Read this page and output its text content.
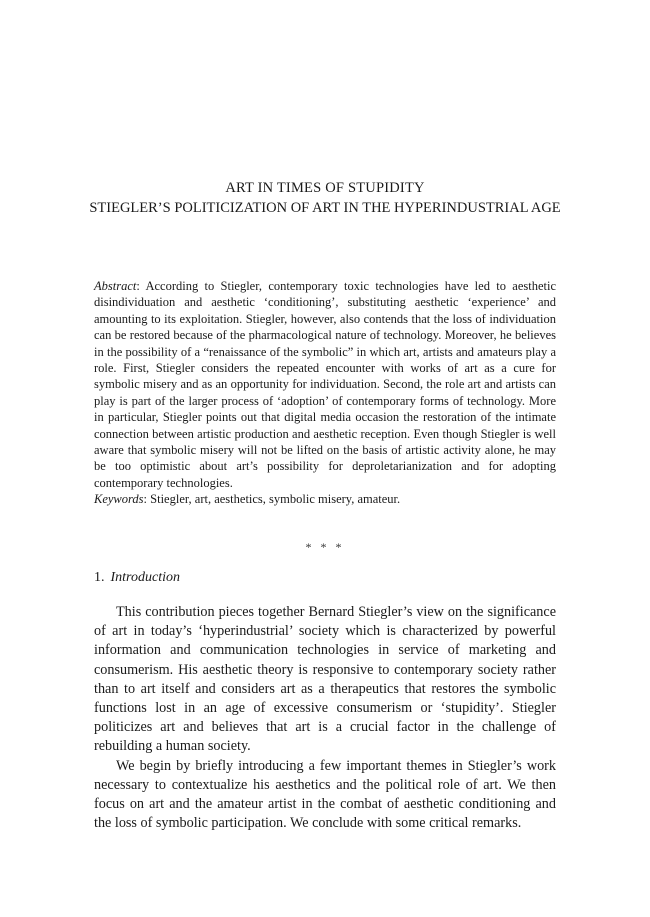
ART IN TIMES OF STUPIDITY
STIEGLER’S POLITICIZATION OF ART IN THE HYPERINDUSTRIAL AGE

Abstract: According to Stiegler, contemporary toxic technologies have led to aesthetic disindividuation and aesthetic ‘conditioning’, substituting aesthetic ‘experience’ and amounting to its exploitation. Stiegler, however, also contends that the loss of individuation can be restored because of the pharmacological nature of technology. Moreover, he believes in the possibility of a “renaissance of the symbolic” in which art, artists and amateurs play a role. First, Stiegler considers the repeated encounter with works of art as a cure for symbolic misery and as an opportunity for individuation. Second, the role art and artists can play is part of the larger process of ‘adoption’ of contemporary forms of technology. More in particular, Stiegler points out that digital media occasion the restoration of the intimate connection between artistic production and aesthetic reception. Even though Stiegler is well aware that symbolic misery will not be lifted on the basis of artistic activity alone, he may be too optimistic about art’s possibility for deproletarianization and for adopting contemporary technologies.

Keywords: Stiegler, art, aesthetics, symbolic misery, amateur.

* * *
1. Introduction

This contribution pieces together Bernard Stiegler’s view on the significance of art in today’s ‘hyperindustrial’ society which is characterized by powerful information and communication technologies in service of marketing and consumerism. His aesthetic theory is responsive to contemporary society rather than to art itself and considers art as a therapeutics that restores the symbolic functions lost in an age of excessive consumerism or ‘stupidity’. Stiegler politicizes art and believes that art is a crucial factor in the challenge of rebuilding a human society.

We begin by briefly introducing a few important themes in Stiegler’s work necessary to contextualize his aesthetics and the political role of art. We then focus on art and the amateur artist in the combat of aesthetic conditioning and the loss of symbolic participation. We conclude with some critical remarks.
